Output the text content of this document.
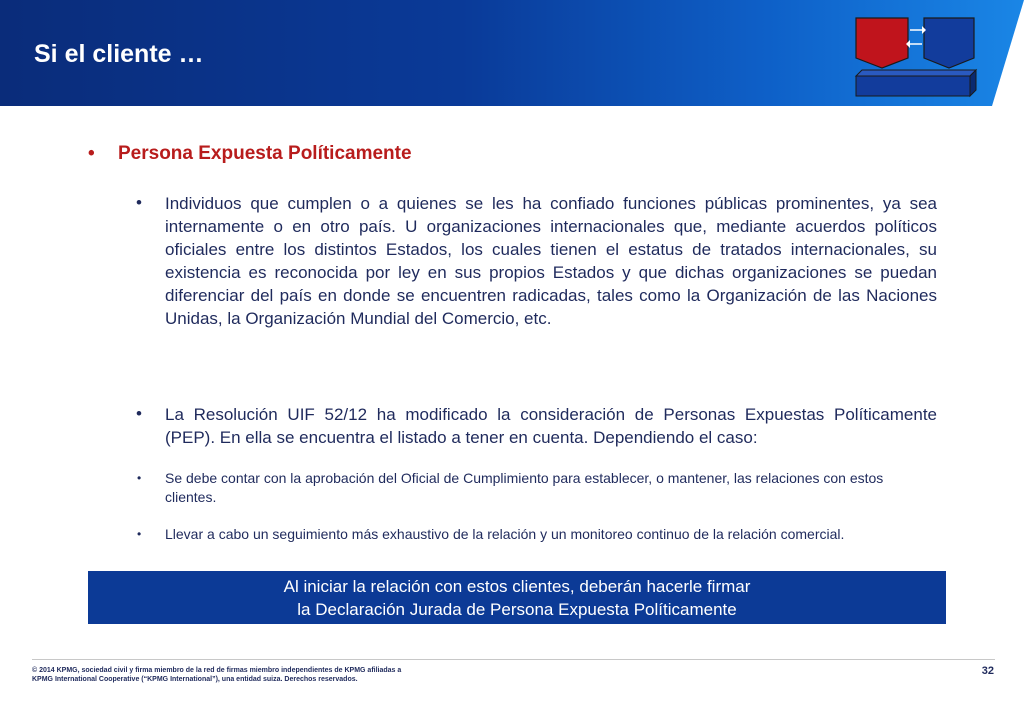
Si el cliente …
• Persona Expuesta Políticamente
• Individuos que cumplen o a quienes se les ha confiado funciones públicas prominentes, ya sea internamente o en otro país. U organizaciones internacionales que, mediante acuerdos políticos oficiales entre los distintos Estados, los cuales tienen el estatus de tratados internacionales, su existencia es reconocida por ley en sus propios Estados y que dichas organizaciones se puedan diferenciar del país en donde se encuentren radicadas, tales como la Organización de las Naciones Unidas, la Organización Mundial del Comercio, etc.
• La Resolución UIF 52/12 ha modificado la consideración de Personas Expuestas Políticamente (PEP). En ella se encuentra el listado a tener en cuenta. Dependiendo el caso:
• Se debe contar con la aprobación del Oficial de Cumplimiento para establecer, o mantener, las relaciones con estos clientes.
• Llevar a cabo un seguimiento más exhaustivo de la relación y un monitoreo continuo de la relación comercial.
Al iniciar la relación con estos clientes, deberán hacerle firmar
la Declaración Jurada de Persona Expuesta Políticamente
© 2014 KPMG, sociedad civil y firma miembro de la red de firmas miembro independientes de KPMG afiliadas a
KPMG International Cooperative (“KPMG International”), una entidad suiza. Derechos reservados.
32
